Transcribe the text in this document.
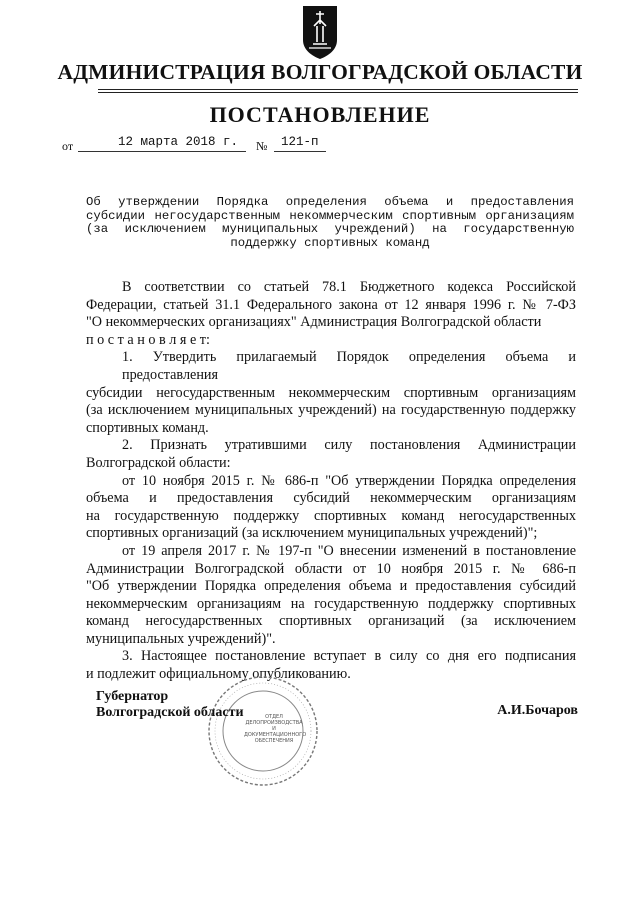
АДМИНИСТРАЦИЯ ВОЛГОГРАДСКОЙ ОБЛАСТИ
ПОСТАНОВЛЕНИЕ
от	12 марта 2018 г. № 121-п
Об утверждении Порядка определения объема и предоставления
субсидии негосударственным некоммерческим спортивным организациям
(за исключением муниципальных учреждений) на государственную
поддержку спортивных команд
В соответствии со статьей 78.1 Бюджетного кодекса Российской
Федерации, статьей 31.1 Федерального закона от 12 января 1996 г. № 7-ФЗ
"О некоммерческих организациях" Администрация Волгоградской области
п о с т а н о в л я е т:
1. Утвердить прилагаемый Порядок определения объема и предоставления
субсидии негосударственным некоммерческим спортивным организациям
(за исключением муниципальных учреждений) на государственную поддержку
спортивных команд.
2. Признать утратившими силу постановления Администрации
Волгоградской области:
от 10 ноября 2015 г. № 686-п "Об утверждении Порядка определения
объема и предоставления субсидий некоммерческим организациям
на государственную поддержку спортивных команд негосударственных
спортивных организаций (за исключением муниципальных учреждений)";
от 19 апреля 2017 г. № 197-п "О внесении изменений в постановление
Администрации Волгоградской области от 10 ноября 2015 г. № 686-п
"Об утверждении Порядка определения объема и предоставления субсидий
некоммерческим организациям на государственную поддержку спортивных
команд негосударственных спортивных организаций (за исключением
муниципальных учреждений)".
3. Настоящее постановление вступает в силу со дня его подписания
и подлежит официальному опубликованию.
ОТДЕЛ
ДЕЛОПРОИЗВОДСТВА
И ДОКУМЕНТАЦИОННОГО
ОБЕСПЕЧЕНИЯ
Губернатор
Волгоградской области	А.И.Бочаров
